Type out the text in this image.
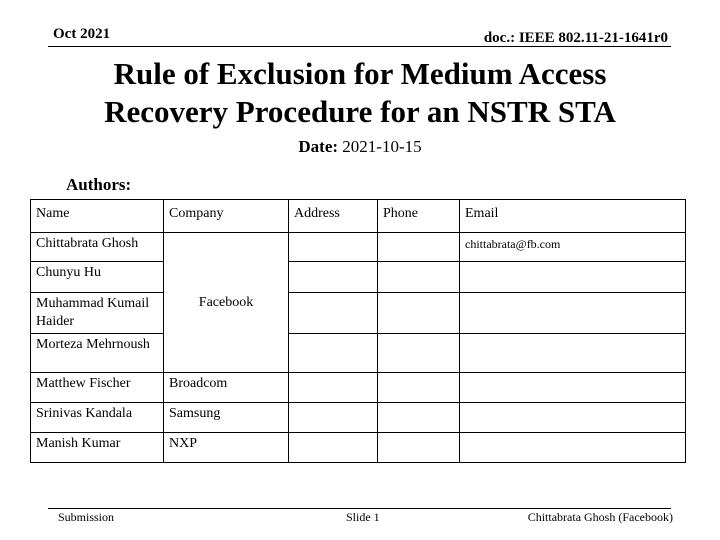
Oct 2021	doc.: IEEE 802.11-21-1641r0
Rule of Exclusion for Medium Access
Recovery Procedure for an NSTR STA
Date: 2021-10-15
Authors:
Name	Company	Address	Phone	Email
Chittabrata Ghosh	Facebook			chittabrata@fb.com
Chunyu Hu				
Muhammad Kumail Haider				
Morteza Mehrnoush				
Matthew Fischer	Broadcom			
Srinivas Kandala	Samsung			
Manish Kumar	NXP			
Submission	Slide 1	Chittabrata Ghosh (Facebook)
